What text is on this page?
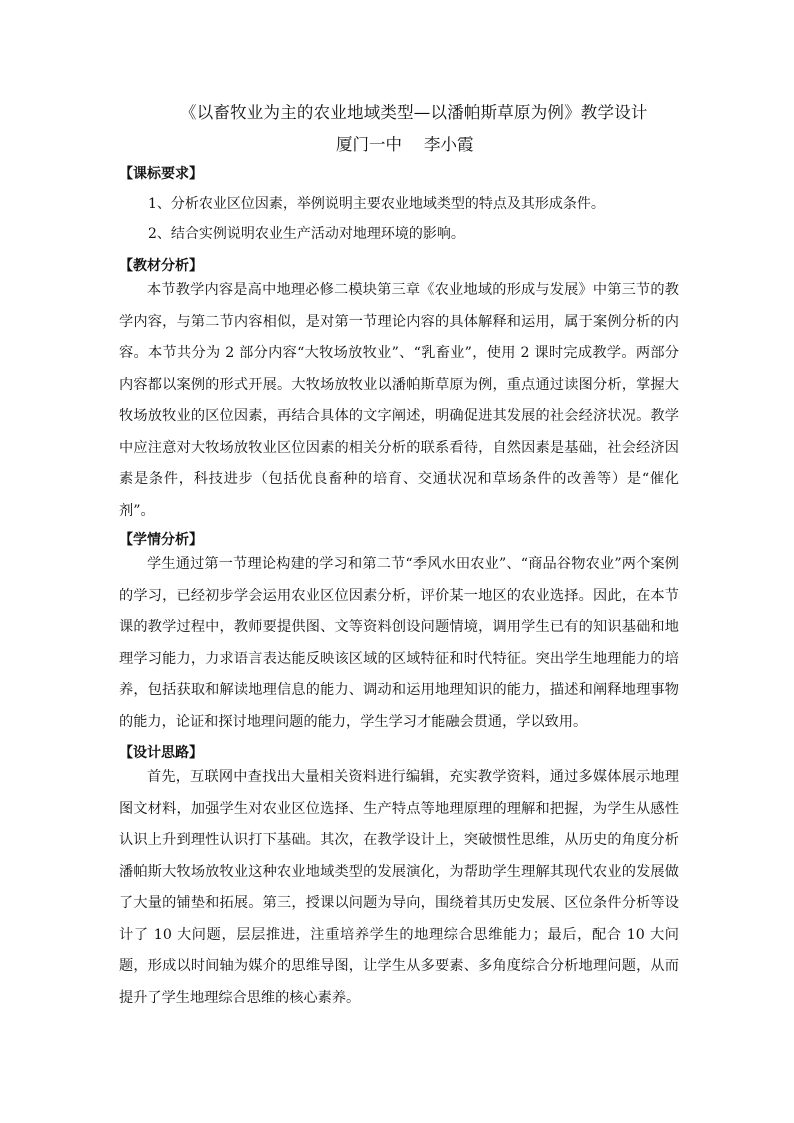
《以畜牧业为主的农业地域类型—以潘帕斯草原为例》教学设计
厦门一中 李小霞
【课标要求】
1、分析农业区位因素，举例说明主要农业地域类型的特点及其形成条件。
2、结合实例说明农业生产活动对地理环境的影响。
【教材分析】

本节教学内容是高中地理必修二模块第三章《农业地域的形成与发展》中第三节的教学内容，与第二节内容相似，是对第一节理论内容的具体解释和运用，属于案例分析的内容。本节共分为 2 部分内容“大牧场放牧业”、“乳畜业”，使用 2 课时完成教学。两部分内容都以案例的形式开展。大牧场放牧业以潘帕斯草原为例，重点通过读图分析，掌握大牧场放牧业的区位因素，再结合具体的文字阐述，明确促进其发展的社会经济状况。教学中应注意对大牧场放牧业区位因素的相关分析的联系看待，自然因素是基础，社会经济因素是条件，科技进步（包括优良畜种的培育、交通状况和草场条件的改善等）是“催化剂”。

【学情分析】

学生通过第一节理论构建的学习和第二节“季风水田农业”、“商品谷物农业”两个案例的学习，已经初步学会运用农业区位因素分析，评价某一地区的农业选择。因此，在本节课的教学过程中，教师要提供图、文等资料创设问题情境，调用学生已有的知识基础和地理学习能力，力求语言表达能反映该区域的区域特征和时代特征。突出学生地理能力的培养，包括获取和解读地理信息的能力、调动和运用地理知识的能力，描述和阐释地理事物的能力，论证和探讨地理问题的能力，学生学习才能融会贯通，学以致用。

【设计思路】

首先，互联网中查找出大量相关资料进行编辑，充实教学资料，通过多媒体展示地理图文材料，加强学生对农业区位选择、生产特点等地理原理的理解和把握，为学生从感性认识上升到理性认识打下基础。其次，在教学设计上，突破惯性思维，从历史的角度分析潘帕斯大牧场放牧业这种农业地域类型的发展演化，为帮助学生理解其现代农业的发展做了大量的铺垫和拓展。第三，授课以问题为导向，围绕着其历史发展、区位条件分析等设计了 10 大问题，层层推进，注重培养学生的地理综合思维能力；最后，配合 10 大问题，形成以时间轴为媒介的思维导图，让学生从多要素、多角度综合分析地理问题，从而提升了学生地理综合思维的核心素养。
